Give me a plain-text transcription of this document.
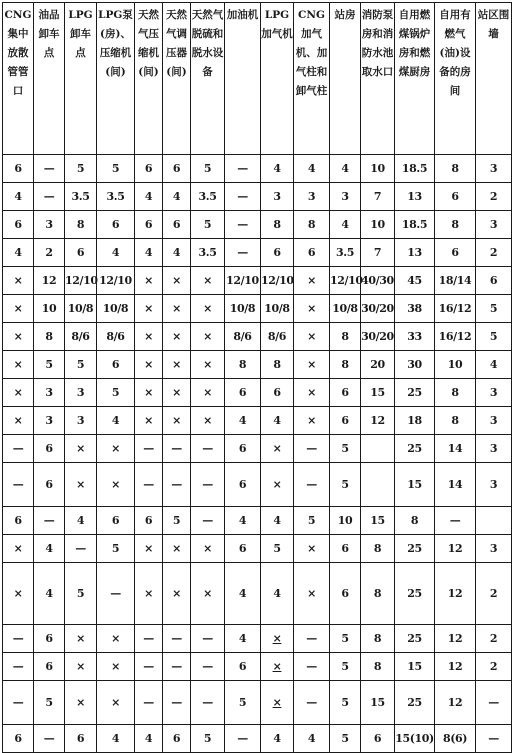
CNG集中放散管管口	油品卸车点	LPG卸车点	LPG泵(房)、压缩机(间)	天然气压缩机(间)	天然气调压器(间)	天然气脱硫和脱水设备	加油机	LPG加气机	CNG加气机、加气柱和卸气柱	站房	消防泵房和消防水池取水口	自用燃煤锅炉房和燃煤厨房	自用有燃气(油)设备的房间	站区围墙
6	—	5	5	6	6	5	—	4	4	4	10	18.5	8	3
4	—	3.5	3.5	4	4	3.5	—	3	3	3	7	13	6	2
6	3	8	6	6	6	5	—	8	8	4	10	18.5	8	3
4	2	6	4	4	4	3.5	—	6	6	3.5	7	13	6	2
×	12	12/10	12/10	×	×	×	12/10	12/10	×	12/10	40/30	45	18/14	6
×	10	10/8	10/8	×	×	×	10/8	10/8	×	10/8	30/20	38	16/12	5
×	8	8/6	8/6	×	×	×	8/6	8/6	×	8	30/20	33	16/12	5
×	5	5	6	×	×	×	8	8	×	8	20	30	10	4
×	3	3	5	×	×	×	6	6	×	6	15	25	8	3
×	3	3	4	×	×	×	4	4	×	6	12	18	8	3
—	6	×	×	—	—	—	6	×	—	5		25	14	3
—	6	×	×	—	—	—	6	×	—	5		15	14	3
6	—	4	6	6	5	—	4	4	5	10	15	8	—	
×	4	—	5	×	×	×	6	5	×	6	8	25	12	3
×	4	5	—	×	×	×	4	4	×	6	8	25	12	2
—	6	×	×	—	—	—	4	×	—	5	8	25	12	2
—	6	×	×	—	—	—	6	×	—	5	8	15	12	2
—	5	×	×	—	—	—	5	×	—	5	15	25	12	—
6	—	6	4	4	6	5	—	4	4	5	6	15(10)	8(6)	—
